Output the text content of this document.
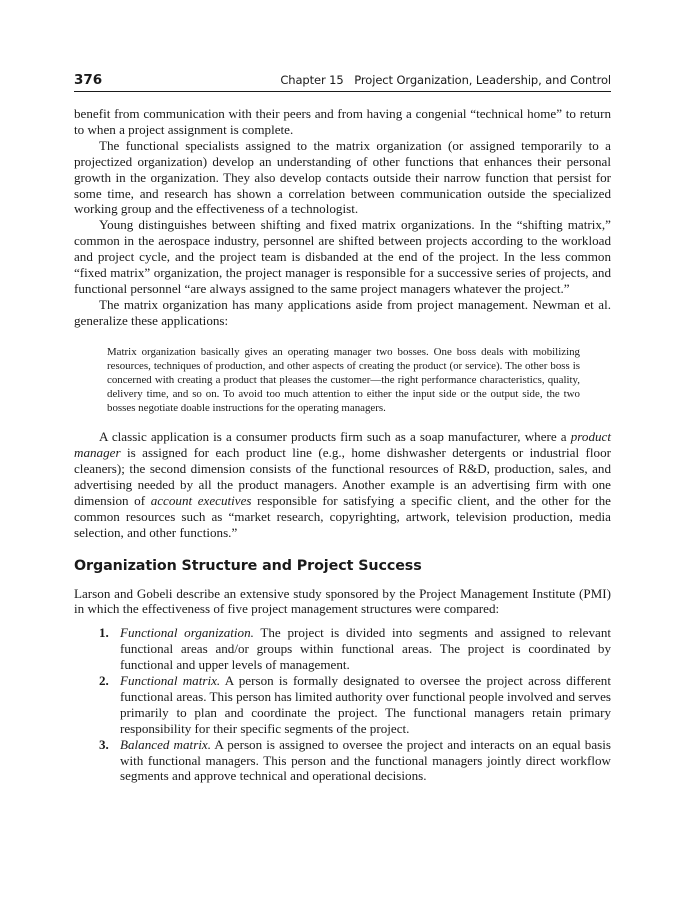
376	Chapter 15   Project Organization, Leadership, and Control

benefit from communication with their peers and from having a congenial “technical home” to return to when a project assignment is complete.

The functional specialists assigned to the matrix organization (or assigned temporarily to a projectized organization) develop an understanding of other functions that enhances their personal growth in the organization. They also develop contacts outside their narrow function that persist for some time, and research has shown a correlation between communication outside the specialized working group and the effectiveness of a technologist.

Young distinguishes between shifting and fixed matrix organizations. In the “shifting matrix,” common in the aerospace industry, personnel are shifted between projects according to the workload and project cycle, and the project team is disbanded at the end of the project. In the less common “fixed matrix” organization, the project manager is responsible for a successive series of projects, and functional personnel “are always assigned to the same project managers whatever the project.”

The matrix organization has many applications aside from project management. Newman et al. generalize these applications:

Matrix organization basically gives an operating manager two bosses. One boss deals with mobilizing resources, techniques of production, and other aspects of creating the product (or service). The other boss is concerned with creating a product that pleases the customer—the right performance characteristics, quality, delivery time, and so on. To avoid too much attention to either the input side or the output side, the two bosses negotiate doable instructions for the operating managers.

A classic application is a consumer products firm such as a soap manufacturer, where a product manager is assigned for each product line (e.g., home dishwasher detergents or industrial floor cleaners); the second dimension consists of the functional resources of R&D, production, sales, and advertising needed by all the product managers. Another example is an advertising firm with one dimension of account executives responsible for satisfying a specific client, and the other for the common resources such as “market research, copyrighting, artwork, television production, media selection, and other functions.”

Organization Structure and Project Success

Larson and Gobeli describe an extensive study sponsored by the Project Management Institute (PMI) in which the effectiveness of five project management structures were compared:

1. Functional organization. The project is divided into segments and assigned to relevant functional areas and/or groups within functional areas. The project is coordinated by functional and upper levels of management.
2. Functional matrix. A person is formally designated to oversee the project across different functional areas. This person has limited authority over functional people involved and serves primarily to plan and coordinate the project. The functional managers retain primary responsibility for their specific segments of the project.
3. Balanced matrix. A person is assigned to oversee the project and interacts on an equal basis with functional managers. This person and the functional managers jointly direct workflow segments and approve technical and operational decisions.
